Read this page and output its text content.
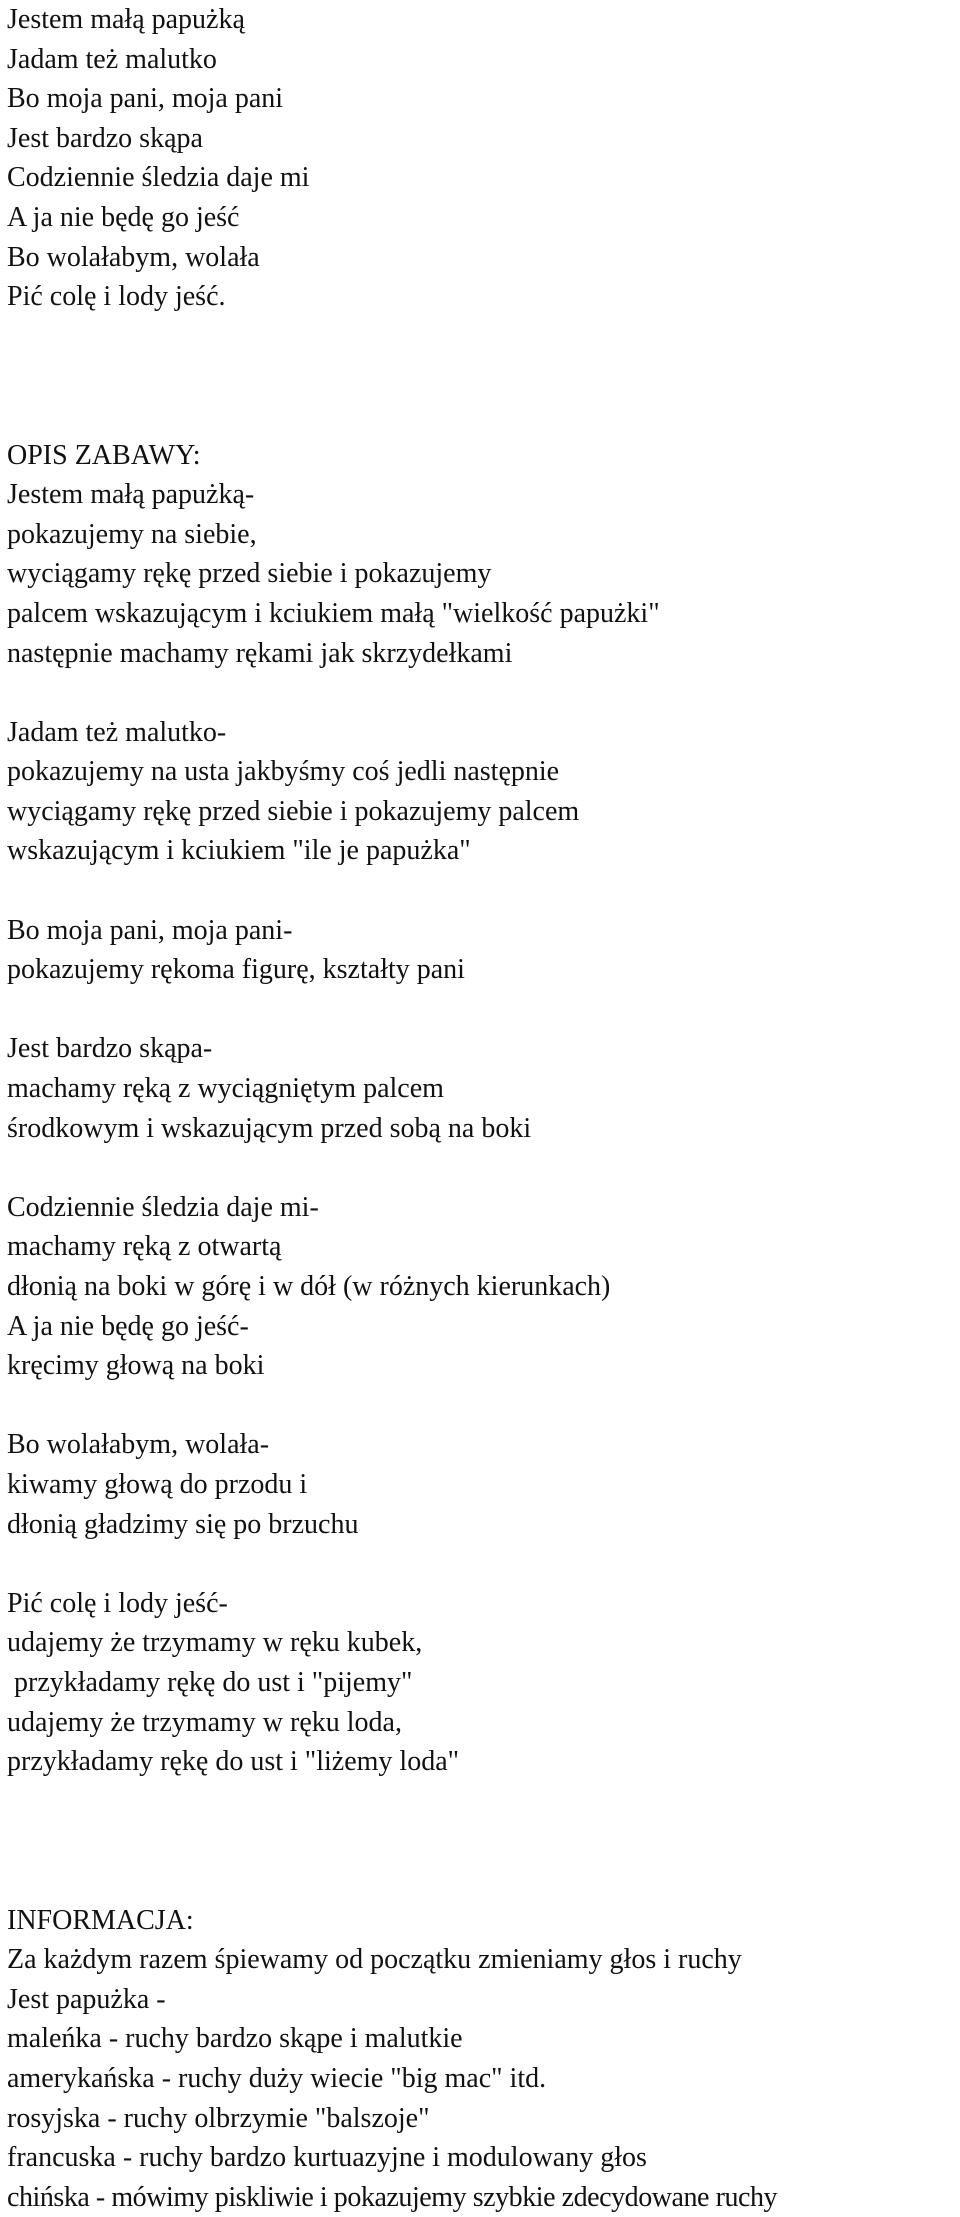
Jestem małą papużką
Jadam też malutko
Bo moja pani, moja pani
Jest bardzo skąpa
Codziennie śledzia daje mi
A ja nie będę go jeść
Bo wolałabym, wolała
Pić colę i lody jeść.
OPIS ZABAWY:
Jestem małą papużką-
pokazujemy na siebie,
wyciągamy rękę przed siebie i pokazujemy
palcem wskazującym i kciukiem małą "wielkość papużki"
następnie machamy rękami jak skrzydełkami
Jadam też malutko-
pokazujemy na usta jakbyśmy coś jedli następnie
wyciągamy rękę przed siebie i pokazujemy palcem
wskazującym i kciukiem "ile je papużka"
Bo moja pani, moja pani-
pokazujemy rękoma figurę, kształty pani
Jest bardzo skąpa-
machamy ręką z wyciągniętym palcem
środkowym i wskazującym przed sobą na boki
Codziennie śledzia daje mi-
machamy ręką z otwartą
dłonią na boki w górę i w dół (w różnych kierunkach)
A ja nie będę go jeść-
kręcimy głową na boki
Bo wolałabym, wolała-
kiwamy głową do przodu i
dłonią gładzimy się po brzuchu
Pić colę i lody jeść-
udajemy że trzymamy w ręku kubek,
przykładamy rękę do ust i "pijemy"
udajemy że trzymamy w ręku loda,
przykładamy rękę do ust i "liżemy loda"
INFORMACJA:
Za każdym razem śpiewamy od początku zmieniamy głos i ruchy
Jest papużka -
maleńka - ruchy bardzo skąpe i malutkie
amerykańska - ruchy duży wiecie "big mac" itd.
rosyjska - ruchy olbrzymie "balszoje"
francuska - ruchy bardzo kurtuazyjne i modulowany głos
chińska - mówimy piskliwie i pokazujemy szybkie zdecydowane ruchy
